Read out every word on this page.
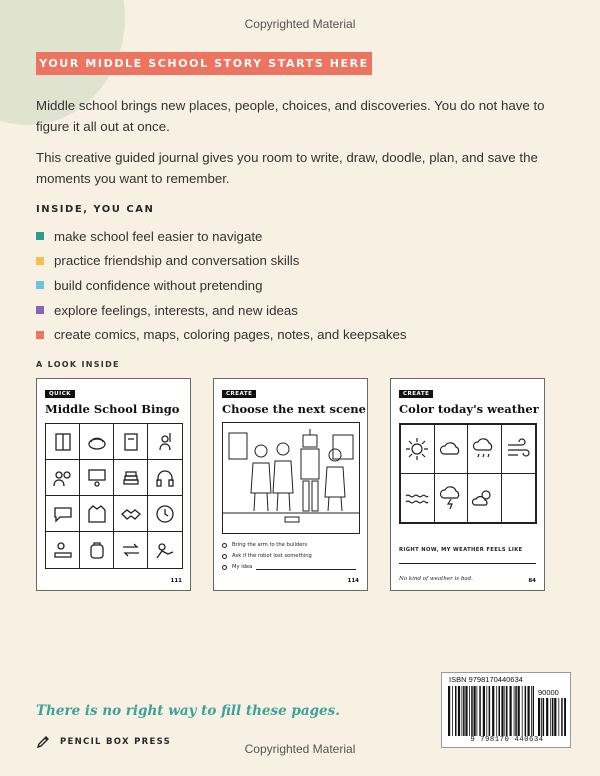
Copyrighted Material
YOUR MIDDLE SCHOOL STORY STARTS HERE

Middle school brings new places, people, choices, and discoveries. You do not have to figure it all out at once.

This creative guided journal gives you room to write, draw, doodle, plan, and save the moments you want to remember.

INSIDE, YOU CAN
make school feel easier to navigate
practice friendship and conversation skills
build confidence without pretending
explore feelings, interests, and new ideas
create comics, maps, coloring pages, notes, and keepsakes
A LOOK INSIDE
QUICK
Middle School Bingo
111
CREATE
Choose the next scene
Bring the arm to the builders
Ask if the robot lost something
My idea
114
CREATE
Color today's weather
RIGHT NOW, MY WEATHER FEELS LIKE
No kind of weather is bad.	84
There is no right way to fill these pages.
PENCIL BOX PRESS
ISBN 9798170440634
90000
9 798170 440634
Copyrighted Material
